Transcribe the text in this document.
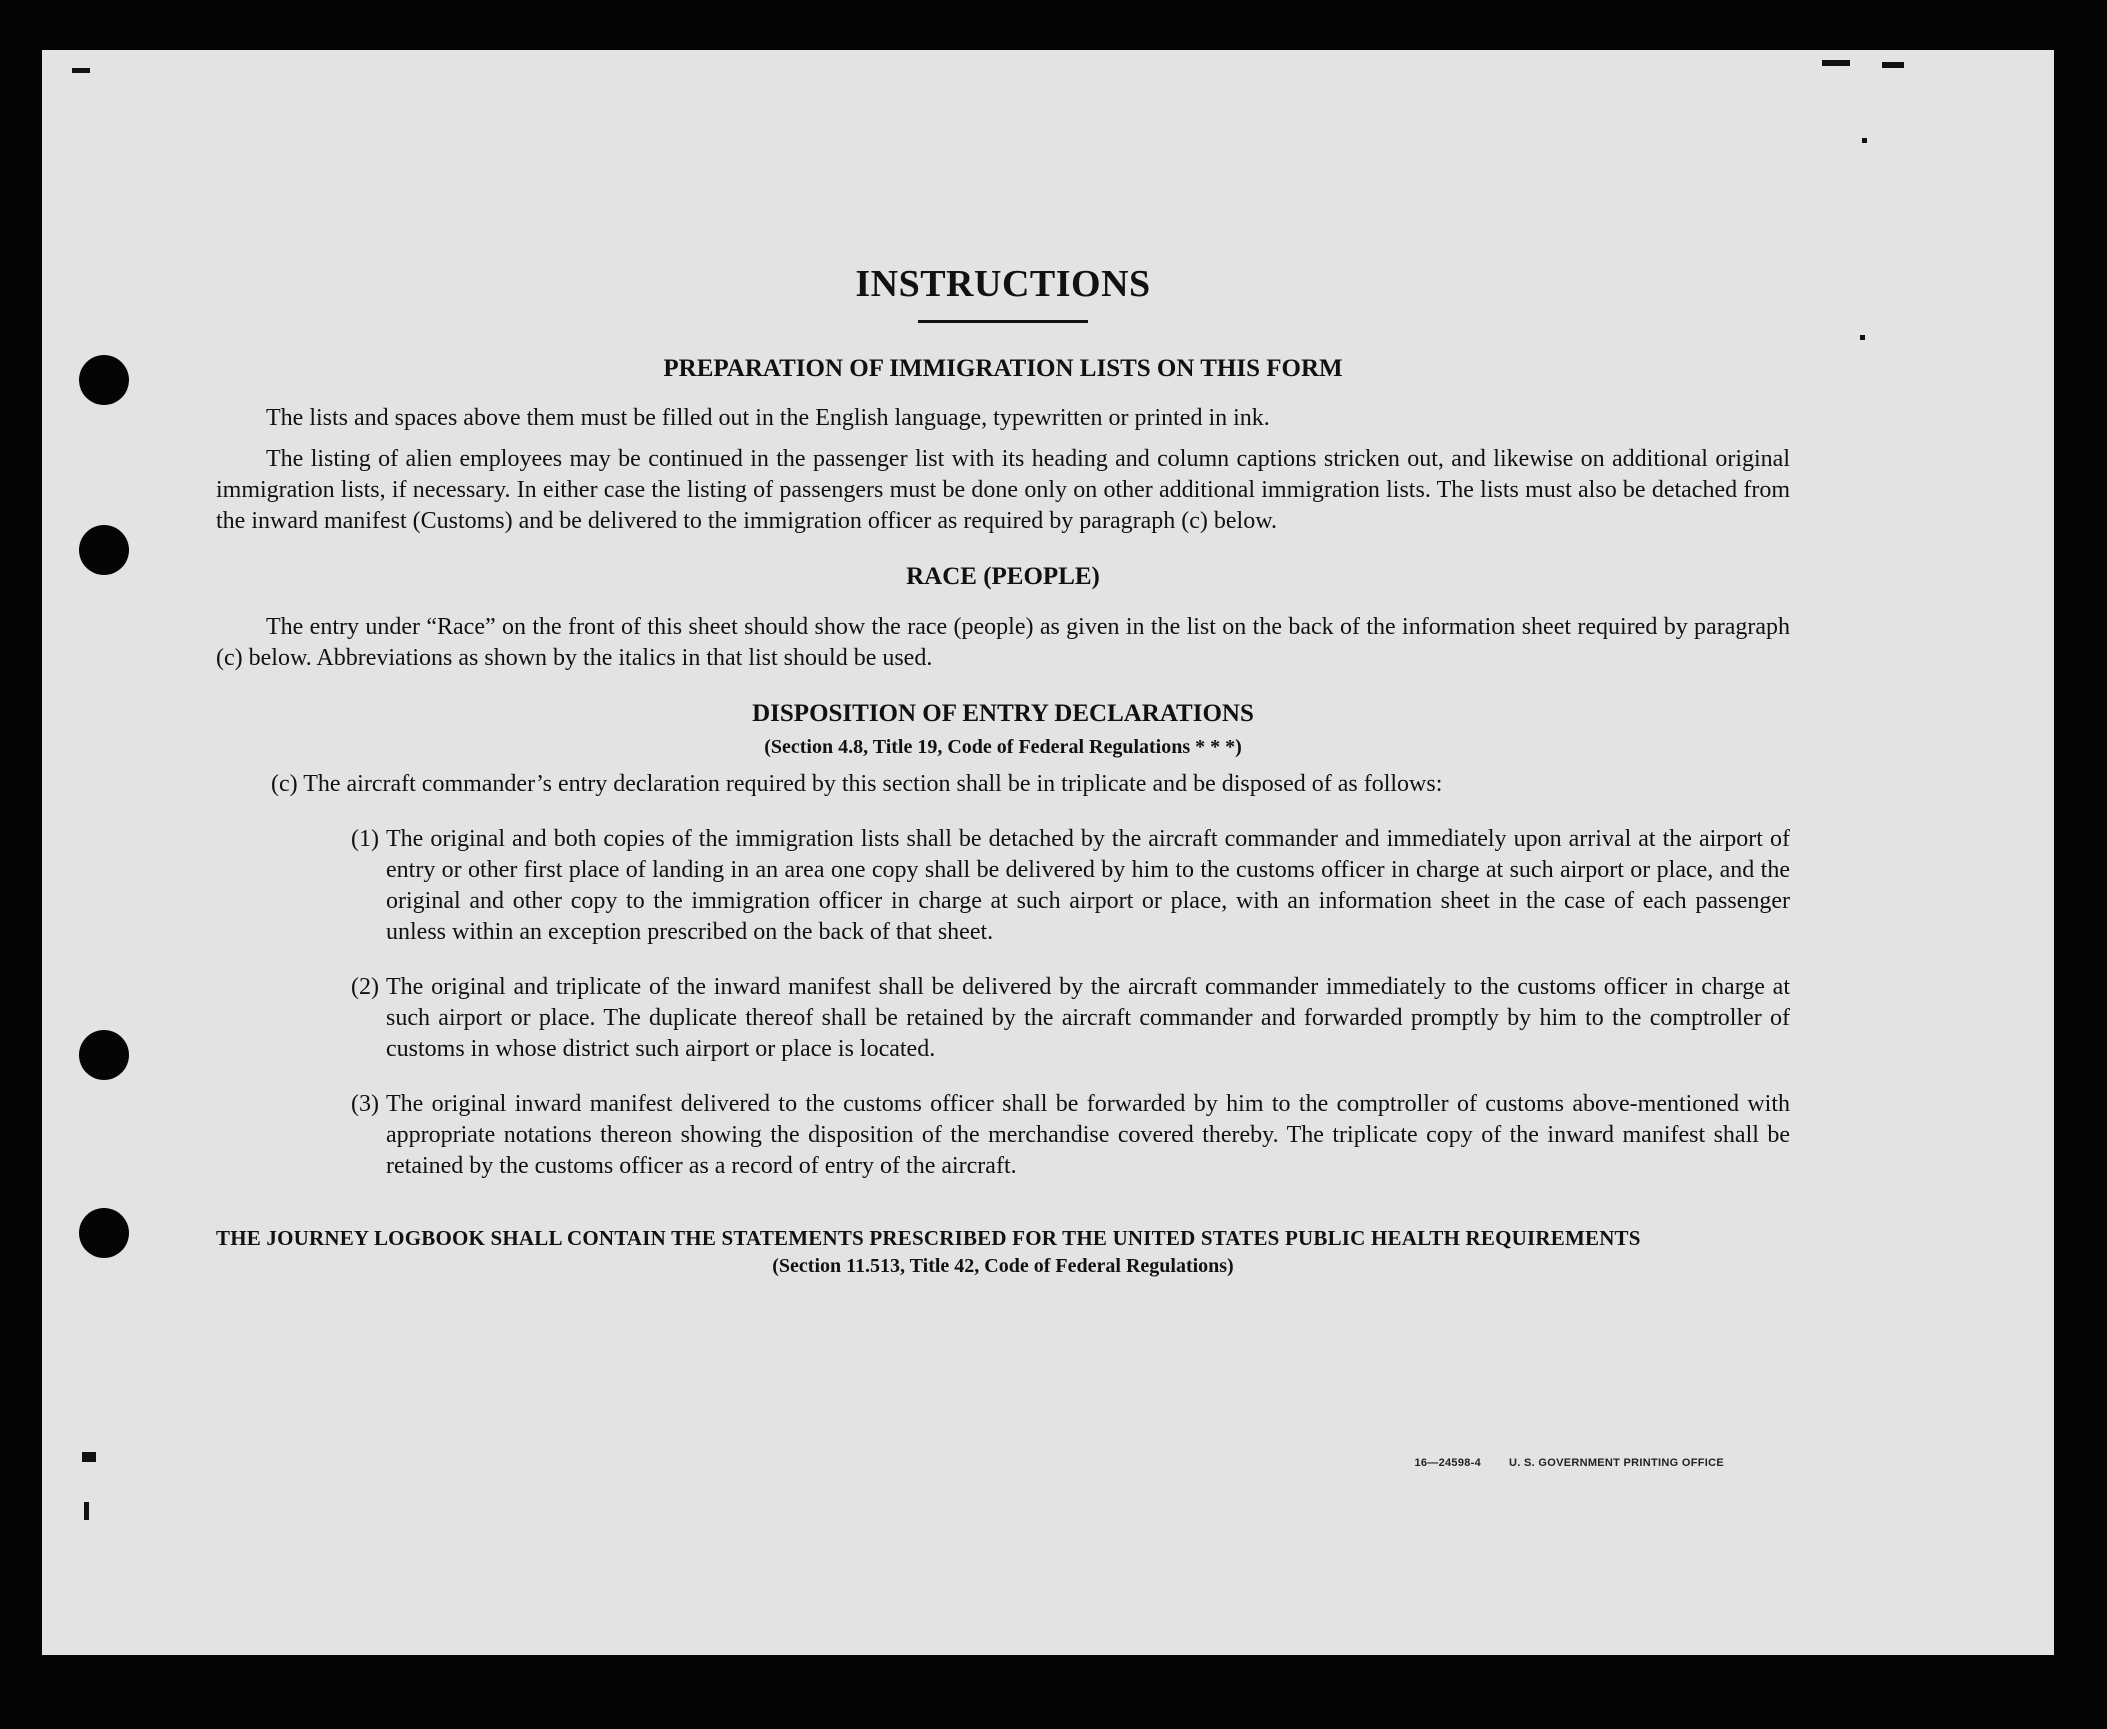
16—24598-4	U. S. GOVERNMENT PRINTING OFFICE
INSTRUCTIONS
PREPARATION OF IMMIGRATION LISTS ON THIS FORM

The lists and spaces above them must be filled out in the English language, typewritten or printed in ink.

The listing of alien employees may be continued in the passenger list with its heading and column captions stricken out, and likewise on additional original immigration lists, if necessary. In either case the listing of passengers must be done only on other additional immigration lists. The lists must also be detached from the inward manifest (Customs) and be delivered to the immigration officer as required by paragraph (c) below.

RACE (PEOPLE)

The entry under “Race” on the front of this sheet should show the race (people) as given in the list on the back of the information sheet required by paragraph (c) below. Abbreviations as shown by the italics in that list should be used.

DISPOSITION OF ENTRY DECLARATIONS

(Section 4.8, Title 19, Code of Federal Regulations * * *)

(c) The aircraft commander’s entry declaration required by this section shall be in triplicate and be disposed of as follows:

(1) The original and both copies of the immigration lists shall be detached by the aircraft commander and immediately upon arrival at the airport of entry or other first place of landing in an area one copy shall be delivered by him to the customs officer in charge at such airport or place, and the original and other copy to the immigration officer in charge at such airport or place, with an information sheet in the case of each passenger unless within an exception prescribed on the back of that sheet.

(2) The original and triplicate of the inward manifest shall be delivered by the aircraft commander immediately to the customs officer in charge at such airport or place. The duplicate thereof shall be retained by the aircraft commander and forwarded promptly by him to the comptroller of customs in whose district such airport or place is located.

(3) The original inward manifest delivered to the customs officer shall be forwarded by him to the comptroller of customs above-mentioned with appropriate notations thereon showing the disposition of the merchandise covered thereby. The triplicate copy of the inward manifest shall be retained by the customs officer as a record of entry of the aircraft.

THE JOURNEY LOGBOOK SHALL CONTAIN THE STATEMENTS PRESCRIBED FOR THE UNITED STATES PUBLIC HEALTH REQUIREMENTS

(Section 11.513, Title 42, Code of Federal Regulations)
